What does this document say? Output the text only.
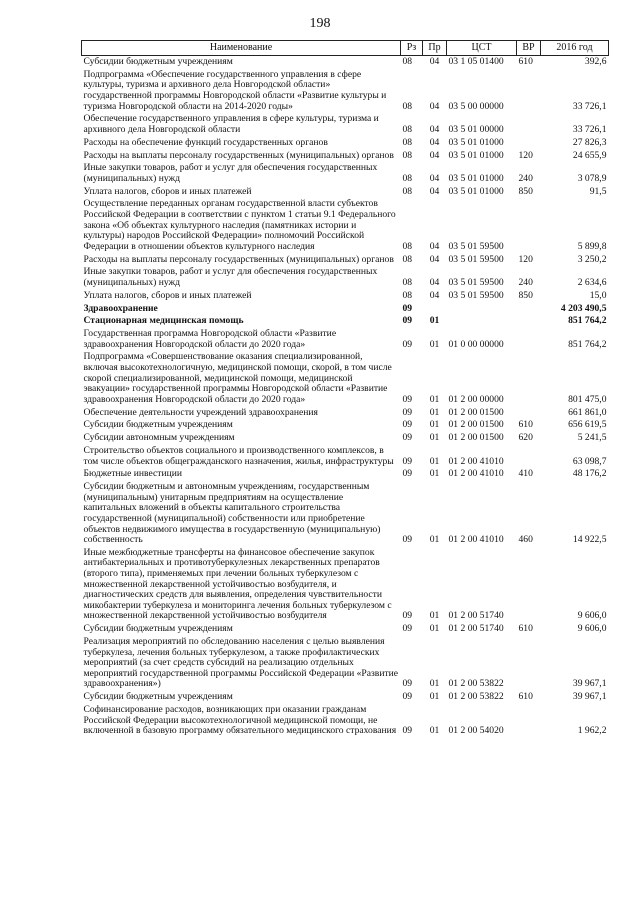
198
Наименование	Рз	Пр	ЦСТ	ВР	2016 год
Субсидии бюджетным учреждениям	08	04	03 1 05 01400	610	392,6
Подпрограмма «Обеспечение государственного управления в сфере культуры, туризма и архивного дела Новгородской области» государственной программы Новгородской области «Развитие культуры и туризма Новгородской области на 2014-2020 годы»	08	04	03 5 00 00000		33 726,1
Обеспечение государственного управления в сфере культуры, туризма и архивного дела Новгородской области	08	04	03 5 01 00000		33 726,1
Расходы на обеспечение функций государственных органов	08	04	03 5 01 01000		27 826,3
Расходы на выплаты персоналу государственных (муниципальных) органов	08	04	03 5 01 01000	120	24 655,9
Иные закупки товаров, работ и услуг для обеспечения государственных (муниципальных) нужд	08	04	03 5 01 01000	240	3 078,9
Уплата налогов, сборов и иных платежей	08	04	03 5 01 01000	850	91,5
Осуществление переданных органам государственной власти субъектов Российской Федерации в соответствии с пунктом 1 статьи 9.1 Федерального закона «Об объектах культурного наследия (памятниках истории и культуры) народов Российской Федерации» полномочий Российской Федерации в отношении объектов культурного наследия	08	04	03 5 01 59500		5 899,8
Расходы на выплаты персоналу государственных (муниципальных) органов	08	04	03 5 01 59500	120	3 250,2
Иные закупки товаров, работ и услуг для обеспечения государственных (муниципальных) нужд	08	04	03 5 01 59500	240	2 634,6
Уплата налогов, сборов и иных платежей	08	04	03 5 01 59500	850	15,0
Здравоохранение	09				4 203 490,5
Стационарная медицинская помощь	09	01			851 764,2
Государственная программа Новгородской области «Развитие здравоохранения Новгородской области до 2020 года»	09	01	01 0 00 00000		851 764,2
Подпрограмма «Совершенствование оказания специализированной, включая высокотехнологичную, медицинской помощи, скорой, в том числе скорой специализированной, медицинской помощи, медицинской эвакуации» государственной программы Новгородской области «Развитие здравоохранения Новгородской области до 2020 года»	09	01	01 2 00 00000		801 475,0
Обеспечение деятельности учреждений здравоохранения	09	01	01 2 00 01500		661 861,0
Субсидии бюджетным учреждениям	09	01	01 2 00 01500	610	656 619,5
Субсидии автономным учреждениям	09	01	01 2 00 01500	620	5 241,5
Строительство объектов социального и производственного комплексов, в том числе объектов общегражданского назначения, жилья, инфраструктуры	09	01	01 2 00 41010		63 098,7
Бюджетные инвестиции	09	01	01 2 00 41010	410	48 176,2
Субсидии бюджетным и автономным учреждениям, государственным (муниципальным) унитарным предприятиям на осуществление капитальных вложений в объекты капитального строительства государственной (муниципальной) собственности или приобретение объектов недвижимого имущества в государственную (муниципальную) собственность	09	01	01 2 00 41010	460	14 922,5
Иные межбюджетные трансферты на финансовое обеспечение закупок антибактериальных и противотуберкулезных лекарственных препаратов (второго типа), применяемых при лечении больных туберкулезом с множественной лекарственной устойчивостью возбудителя, и диагностических средств для выявления, определения чувствительности микобактерии туберкулеза и мониторинга лечения больных туберкулезом с множественной лекарственной устойчивостью возбудителя	09	01	01 2 00 51740		9 606,0
Субсидии бюджетным учреждениям	09	01	01 2 00 51740	610	9 606,0
Реализация мероприятий по обследованию населения с целью выявления туберкулеза, лечения больных туберкулезом, а также профилактических мероприятий (за счет средств субсидий на реализацию отдельных мероприятий государственной программы Российской Федерации «Развитие здравоохранения»)	09	01	01 2 00 53822		39 967,1
Субсидии бюджетным учреждениям	09	01	01 2 00 53822	610	39 967,1
Софинансирование расходов, возникающих при оказании гражданам Российской Федерации высокотехнологичной медицинской помощи, не включенной в базовую программу обязательного медицинского страхования	09	01	01 2 00 54020		1 962,2
